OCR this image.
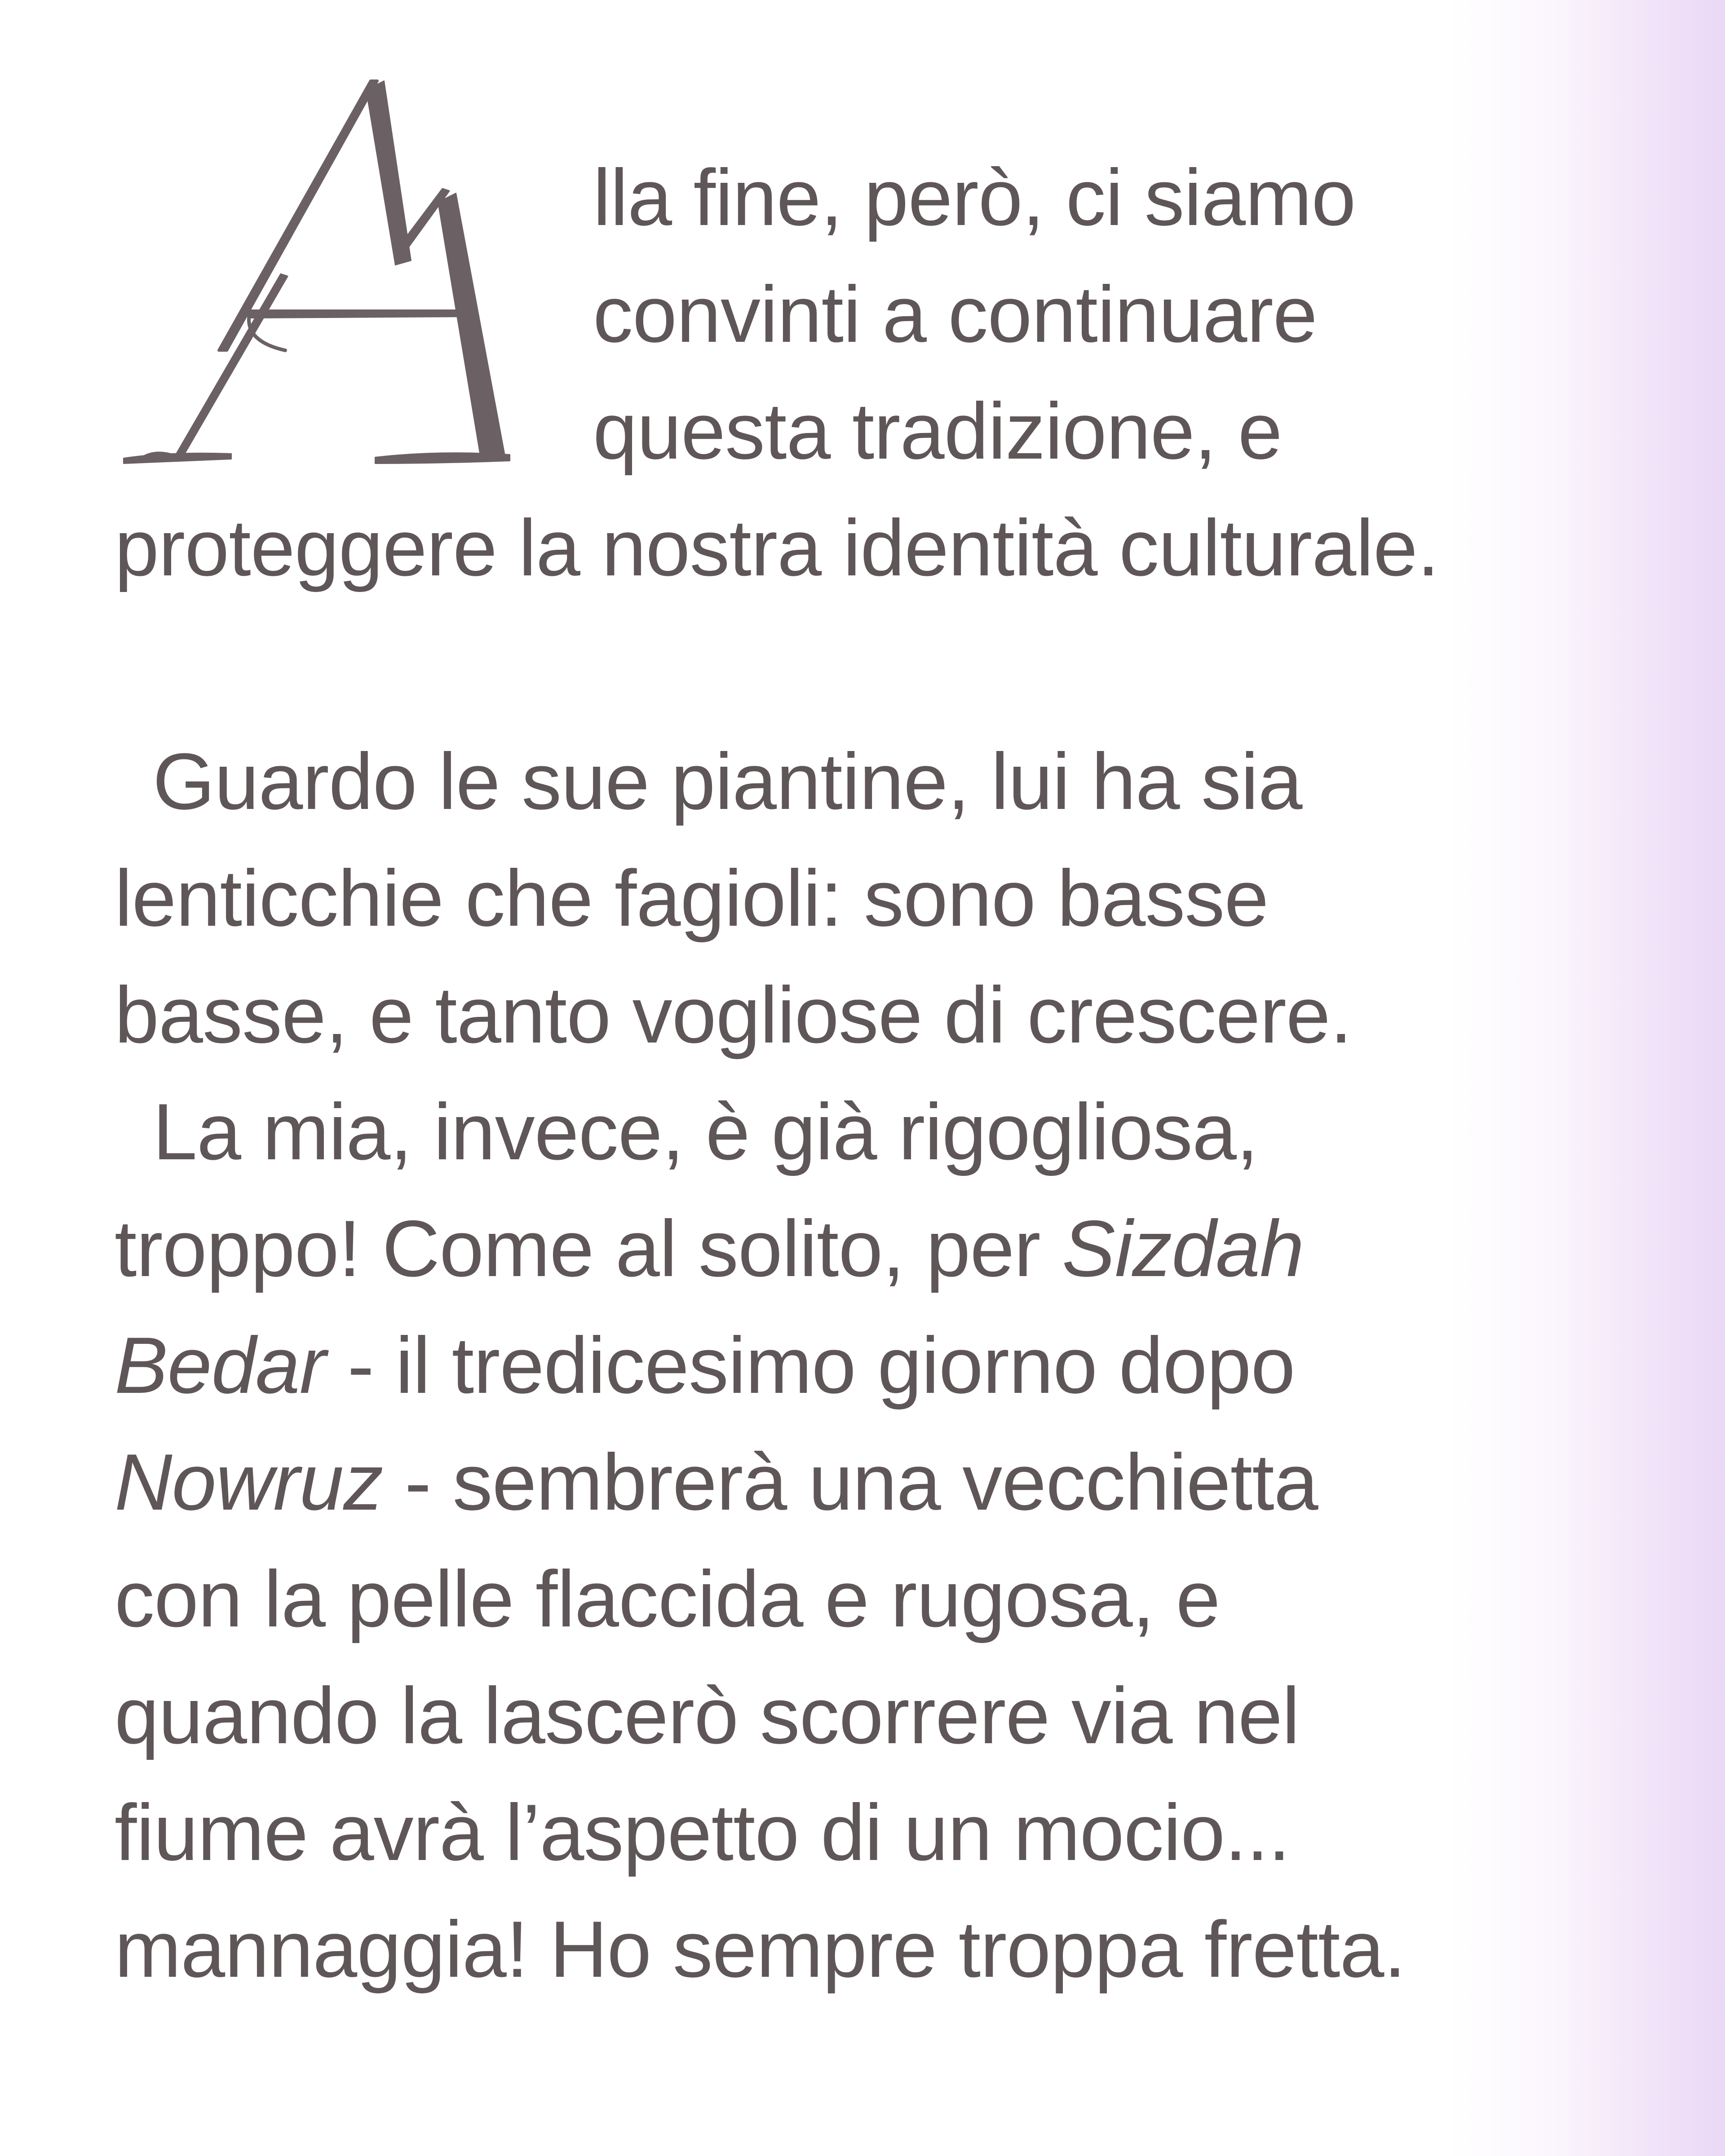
lla fine, però, ci siamo
convinti a continuare
questa tradizione, e
proteggere la nostra identità culturale.
Guardo le sue piantine, lui ha sia
lenticchie che fagioli: sono basse
basse, e tanto vogliose di crescere.
La mia, invece, è già rigogliosa,
troppo! Come al solito, per Sizdah
Bedar - il tredicesimo giorno dopo
Nowruz - sembrerà una vecchietta
con la pelle flaccida e rugosa, e
quando la lascerò scorrere via nel
fiume avrà l’aspetto di un mocio...
mannaggia! Ho sempre troppa fretta.
